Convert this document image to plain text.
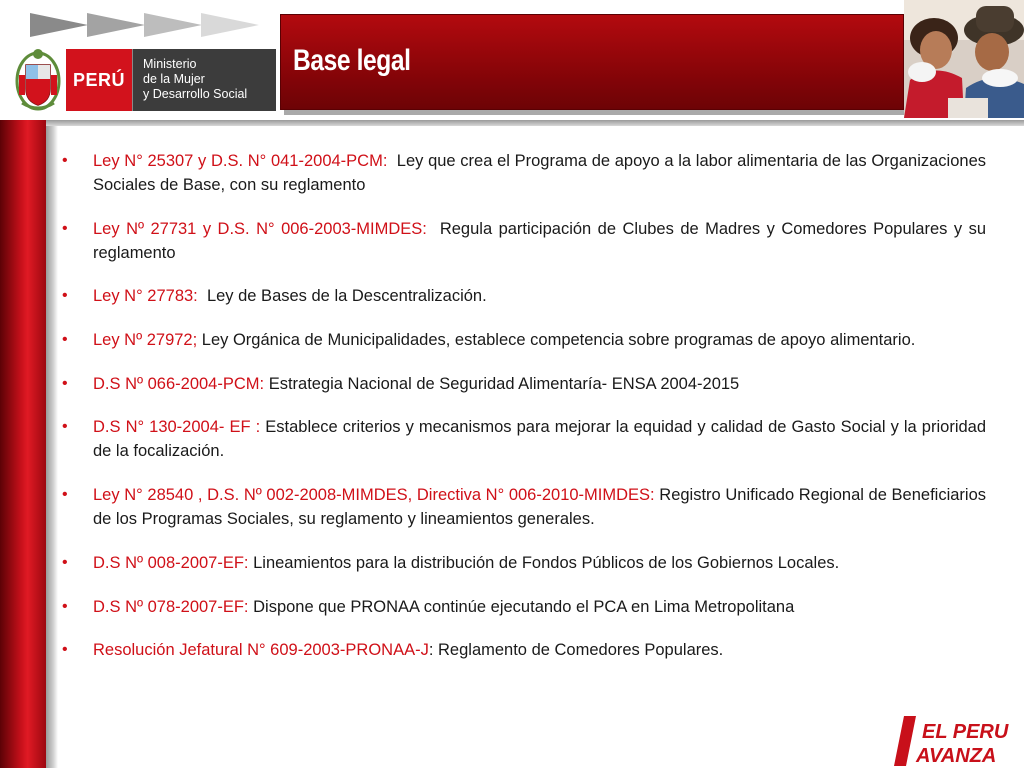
PERÚ
Ministerio
de la Mujer
y Desarrollo Social
Base legal
• Ley N° 25307 y D.S. N° 041-2004-PCM: Ley que crea el Programa de apoyo a la labor alimentaria de las Organizaciones Sociales de Base, con su reglamento
• Ley Nº 27731 y D.S. N° 006-2003-MIMDES: Regula participación de Clubes de Madres y Comedores Populares y su reglamento
• Ley N° 27783: Ley de Bases de la Descentralización.
• Ley Nº 27972; Ley Orgánica de Municipalidades, establece competencia sobre programas de apoyo alimentario.
• D.S Nº 066-2004-PCM: Estrategia Nacional de Seguridad Alimentaría- ENSA 2004-2015
• D.S N° 130-2004- EF : Establece criterios y mecanismos para mejorar la equidad y calidad de Gasto Social y la prioridad de la focalización.
• Ley N° 28540 , D.S. Nº 002-2008-MIMDES, Directiva N° 006-2010-MIMDES: Registro Unificado Regional de Beneficiarios de los Programas Sociales, su reglamento y lineamientos generales.
• D.S Nº 008-2007-EF: Lineamientos para la distribución de Fondos Públicos de los Gobiernos Locales.
• D.S Nº 078-2007-EF: Dispone que PRONAA continúe ejecutando el PCA en Lima Metropolitana
• Resolución Jefatural N° 609-2003-PRONAA-J: Reglamento de Comedores Populares.
EL PERU
AVANZA
